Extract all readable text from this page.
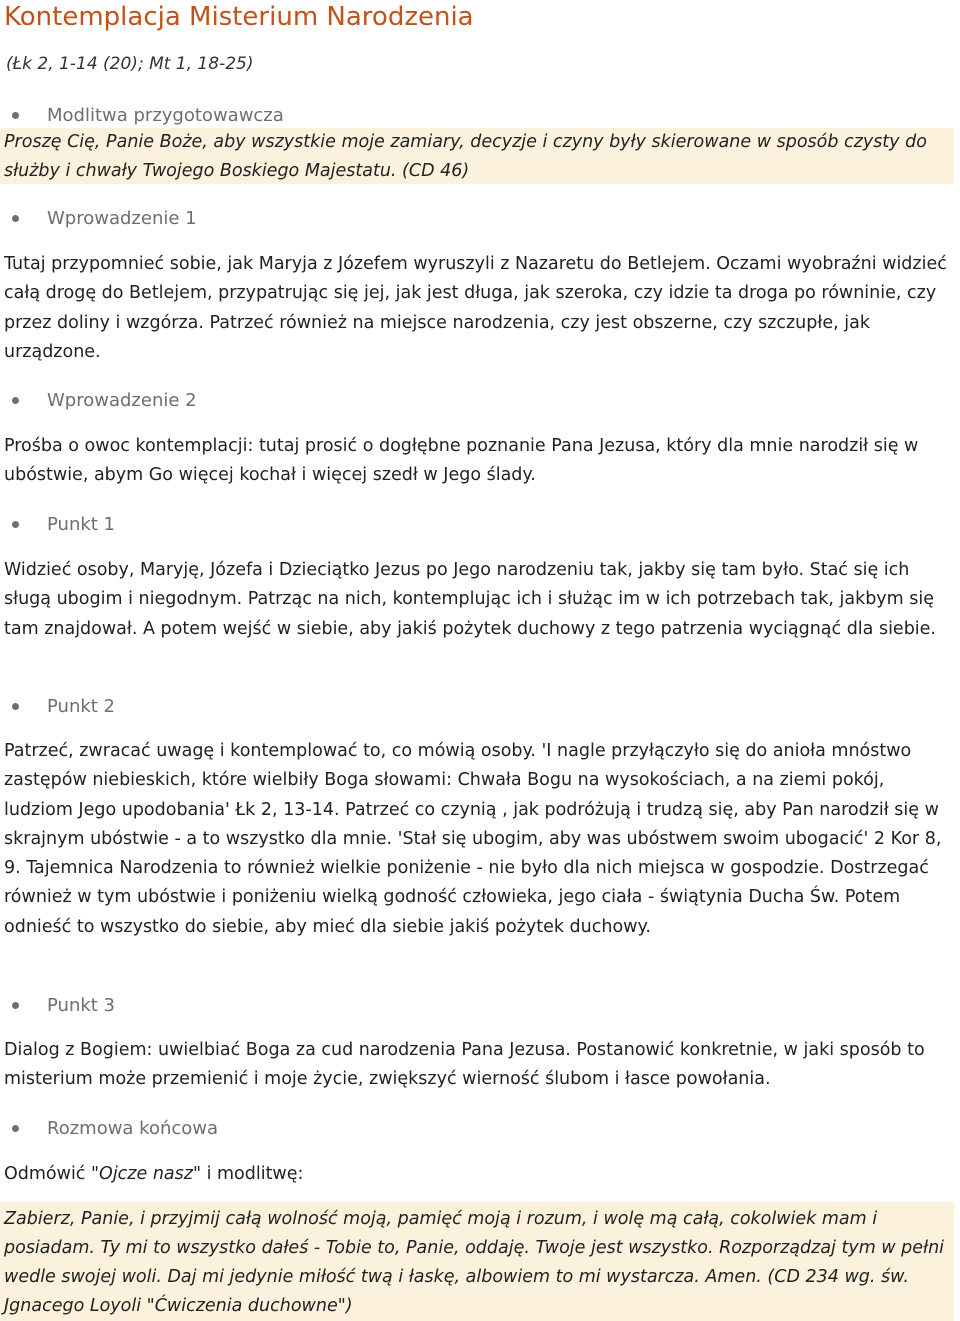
Kontemplacja Misterium Narodzenia
(Łk 2, 1-14 (20); Mt 1, 18-25)
Modlitwa przygotowawcza
Proszę Cię, Panie Boże, aby wszystkie moje zamiary, decyzje i czyny były skierowane w sposób czysty do służby i chwały Twojego Boskiego Majestatu. (CD 46)
Wprowadzenie 1
Tutaj przypomnieć sobie, jak Maryja z Józefem wyruszyli z Nazaretu do Betlejem. Oczami wyobraźni widzieć całą drogę do Betlejem, przypatrując się jej, jak jest długa, jak szeroka, czy idzie ta droga po równinie, czy przez doliny i wzgórza. Patrzeć również na miejsce narodzenia, czy jest obszerne, czy szczupłe, jak urządzone.
Wprowadzenie 2
Prośba o owoc kontemplacji: tutaj prosić o dogłębne poznanie Pana Jezusa, który dla mnie narodził się w ubóstwie, abym Go więcej kochał i więcej szedł w Jego ślady.
Punkt 1
Widzieć osoby, Maryję, Józefa i Dzieciątko Jezus po Jego narodzeniu tak, jakby się tam było. Stać się ich sługą ubogim i niegodnym. Patrząc na nich, kontemplując ich i służąc im w ich potrzebach tak, jakbym się tam znajdował. A potem wejść w siebie, aby jakiś pożytek duchowy z tego patrzenia wyciągnąć dla siebie.
Punkt 2
Patrzeć, zwracać uwagę i kontemplować to, co mówią osoby. 'I nagle przyłączyło się do anioła mnóstwo zastępów niebieskich, które wielbiły Boga słowami: Chwała Bogu na wysokościach, a na ziemi pokój, ludziom Jego upodobania' Łk 2, 13-14. Patrzeć co czynią , jak podróżują i trudzą się, aby Pan narodził się w skrajnym ubóstwie - a to wszystko dla mnie. 'Stał się ubogim, aby was ubóstwem swoim ubogacić' 2 Kor 8, 9. Tajemnica Narodzenia to również wielkie poniżenie - nie było dla nich miejsca w gospodzie. Dostrzegać również w tym ubóstwie i poniżeniu wielką godność człowieka, jego ciała - świątynia Ducha Św. Potem odnieść to wszystko do siebie, aby mieć dla siebie jakiś pożytek duchowy.
Punkt 3
Dialog z Bogiem: uwielbiać Boga za cud narodzenia Pana Jezusa. Postanowić konkretnie, w jaki sposób to misterium może przemienić i moje życie, zwiększyć wierność ślubom i łasce powołania.
Rozmowa końcowa
Odmówić "Ojcze nasz" i modlitwę:
Zabierz, Panie, i przyjmij całą wolność moją, pamięć moją i rozum, i wolę mą całą, cokolwiek mam i posiadam. Ty mi to wszystko dałeś - Tobie to, Panie, oddaję. Twoje jest wszystko. Rozporządzaj tym w pełni wedle swojej woli. Daj mi jedynie miłość twą i łaskę, albowiem to mi wystarcza. Amen. (CD 234 wg. św. Jgnacego Loyoli "Ćwiczenia duchowne")
